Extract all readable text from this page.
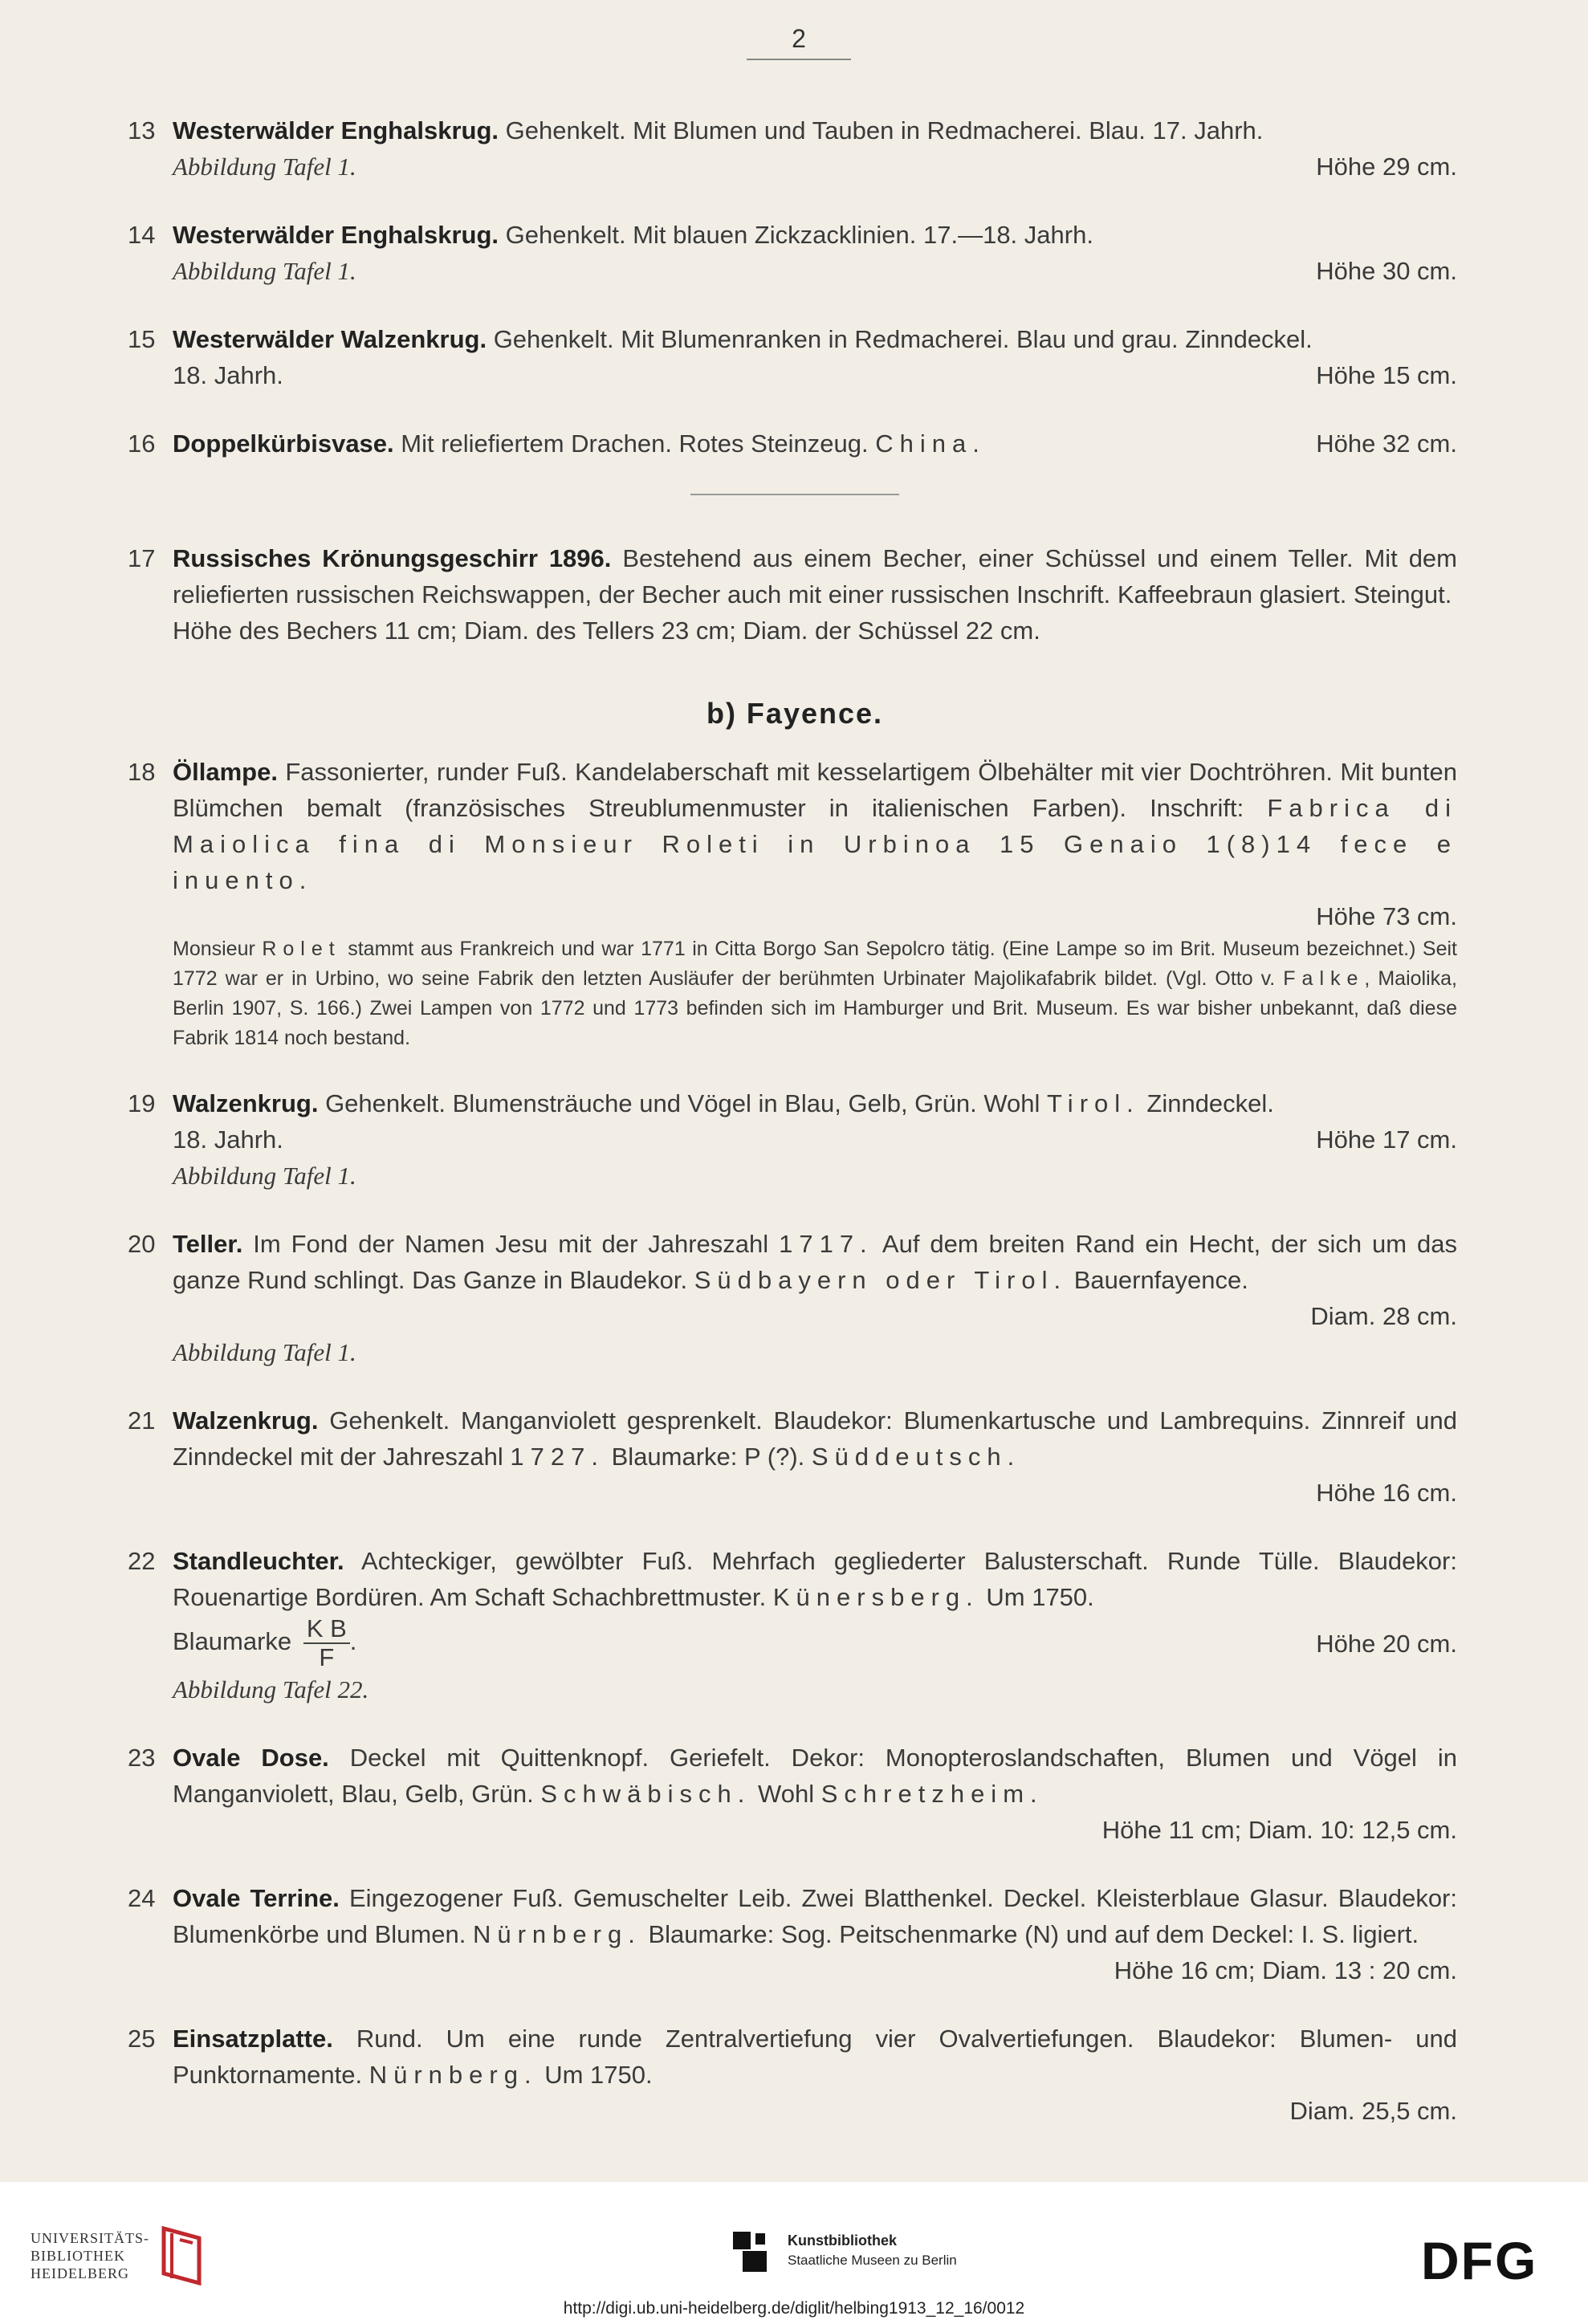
2
13 Westerwälder Enghalskrug. Gehenkelt. Mit Blumen und Tauben in Redmacherei. Blau. 17. Jahrh.

Abbildung Tafel 1.	Höhe 29 cm.
14 Westerwälder Enghalskrug. Gehenkelt. Mit blauen Zickzacklinien. 17.—18. Jahrh.

Abbildung Tafel 1.	Höhe 30 cm.
15 Westerwälder Walzenkrug. Gehenkelt. Mit Blumenranken in Redmacherei. Blau und grau. Zinndeckel.

18. Jahrh.	Höhe 15 cm.
16 Doppelkürbisvase. Mit reliefiertem Drachen. Rotes Steinzeug. China.	Höhe 32 cm.
17 Russisches Krönungsgeschirr 1896. Bestehend aus einem Becher, einer Schüssel und einem Teller. Mit dem reliefierten russischen Reichswappen, der Becher auch mit einer russischen Inschrift. Kaffeebraun glasiert. Steingut.

Höhe des Bechers 11 cm; Diam. des Tellers 23 cm; Diam. der Schüssel 22 cm.

b) Fayence.
18 Öllampe. Fassonierter, runder Fuß. Kandelaberschaft mit kesselartigem Ölbehälter mit vier Dochtröhren. Mit bunten Blümchen bemalt (französisches Streublumenmuster in italienischen Farben). Inschrift: Fabrica di Maiolica fina di Monsieur Roleti in Urbinoa 15 Genaio 1(8)14 fece e inuento.

Höhe 73 cm.

Monsieur Rolet stammt aus Frankreich und war 1771 in Citta Borgo San Sepolcro tätig. (Eine Lampe so im Brit. Museum bezeichnet.) Seit 1772 war er in Urbino, wo seine Fabrik den letzten Ausläufer der berühmten Urbinater Majolikafabrik bildet. (Vgl. Otto v. Falke, Maiolika, Berlin 1907, S. 166.) Zwei Lampen von 1772 und 1773 befinden sich im Hamburger und Brit. Museum. Es war bisher unbekannt, daß diese Fabrik 1814 noch bestand.

19 Walzenkrug. Gehenkelt. Blumensträuche und Vögel in Blau, Gelb, Grün. Wohl Tirol. Zinndeckel.

18. Jahrh.	Höhe 17 cm.
Abbildung Tafel 1.
20 Teller. Im Fond der Namen Jesu mit der Jahreszahl 1717. Auf dem breiten Rand ein Hecht, der sich um das ganze Rund schlingt. Das Ganze in Blaudekor. Südbayern oder Tirol. Bauernfayence.

Diam. 28 cm.
Abbildung Tafel 1.
21 Walzenkrug. Gehenkelt. Manganviolett gesprenkelt. Blaudekor: Blumenkartusche und Lambrequins. Zinnreif und Zinndeckel mit der Jahreszahl 1727. Blaumarke: P (?). Süddeutsch.

Höhe 16 cm.
22 Standleuchter. Achteckiger, gewölbter Fuß. Mehrfach gegliederter Balusterschaft. Runde Tülle. Blaudekor: Rouenartige Bordüren. Am Schaft Schachbrettmuster. Künersberg. Um 1750.

Blaumarke $\frac{\text{K B}}{F}$ .	Höhe 20 cm.
Abbildung Tafel 22.
23 Ovale Dose. Deckel mit Quittenknopf. Geriefelt. Dekor: Monopteroslandschaften, Blumen und Vögel in Manganviolett, Blau, Gelb, Grün. Schwäbisch. Wohl Schretzheim.

Höhe 11 cm; Diam. 10: 12,5 cm.
24 Ovale Terrine. Eingezogener Fuß. Gemuschelter Leib. Zwei Blatthenkel. Deckel. Kleisterblaue Glasur. Blaudekor: Blumenkörbe und Blumen. Nürnberg. Blaumarke: Sog. Peitschenmarke (N) und auf dem Deckel: I. S. ligiert.

Höhe 16 cm; Diam. 13 : 20 cm.
25 Einsatzplatte. Rund. Um eine runde Zentralvertiefung vier Ovalvertiefungen. Blaudekor: Blumen- und Punktornamente. Nürnberg. Um 1750.

Diam. 25,5 cm.
UNIVERSITÄTS-
BIBLIOTHEK
HEIDELBERG
Kunstbibliothek
Staatliche Museen zu Berlin	DFG
http://digi.ub.uni-heidelberg.de/diglit/helbing1913_12_16/0012
